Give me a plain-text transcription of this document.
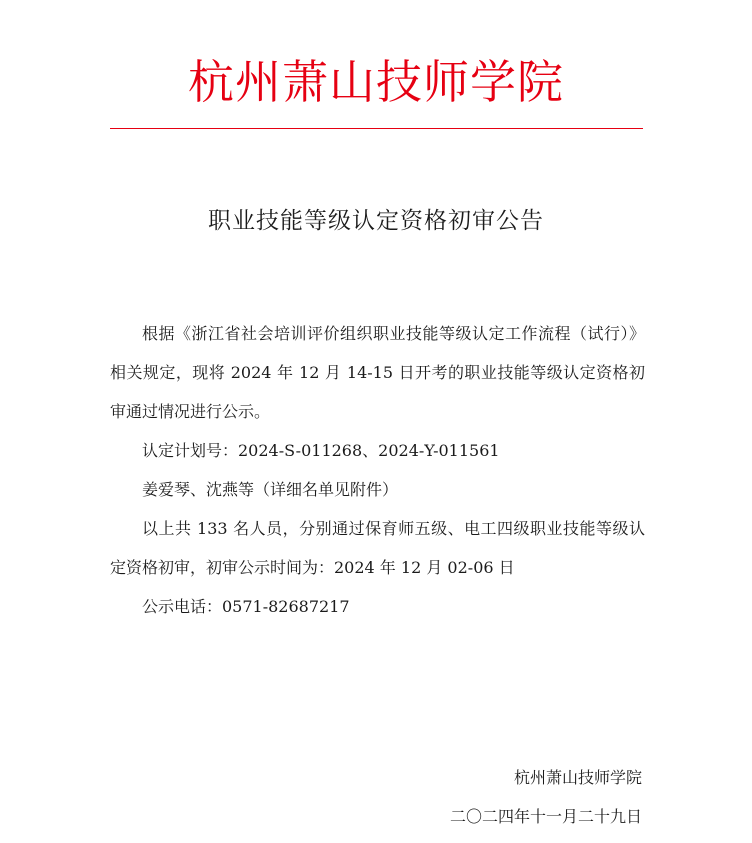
杭州萧山技师学院
职业技能等级认定资格初审公告

根据《浙江省社会培训评价组织职业技能等级认定工作流程（试行）》相关规定，现将 2024 年 12 月 14-15 日开考的职业技能等级认定资格初审通过情况进行公示。

认定计划号：2024-S-011268、2024-Y-011561

姜爱琴、沈燕等（详细名单见附件）

以上共 133 名人员，分别通过保育师五级、电工四级职业技能等级认定资格初审，初审公示时间为：2024 年 12 月 02-06 日

公示电话：0571-82687217

杭州萧山技师学院
二〇二四年十一月二十九日
